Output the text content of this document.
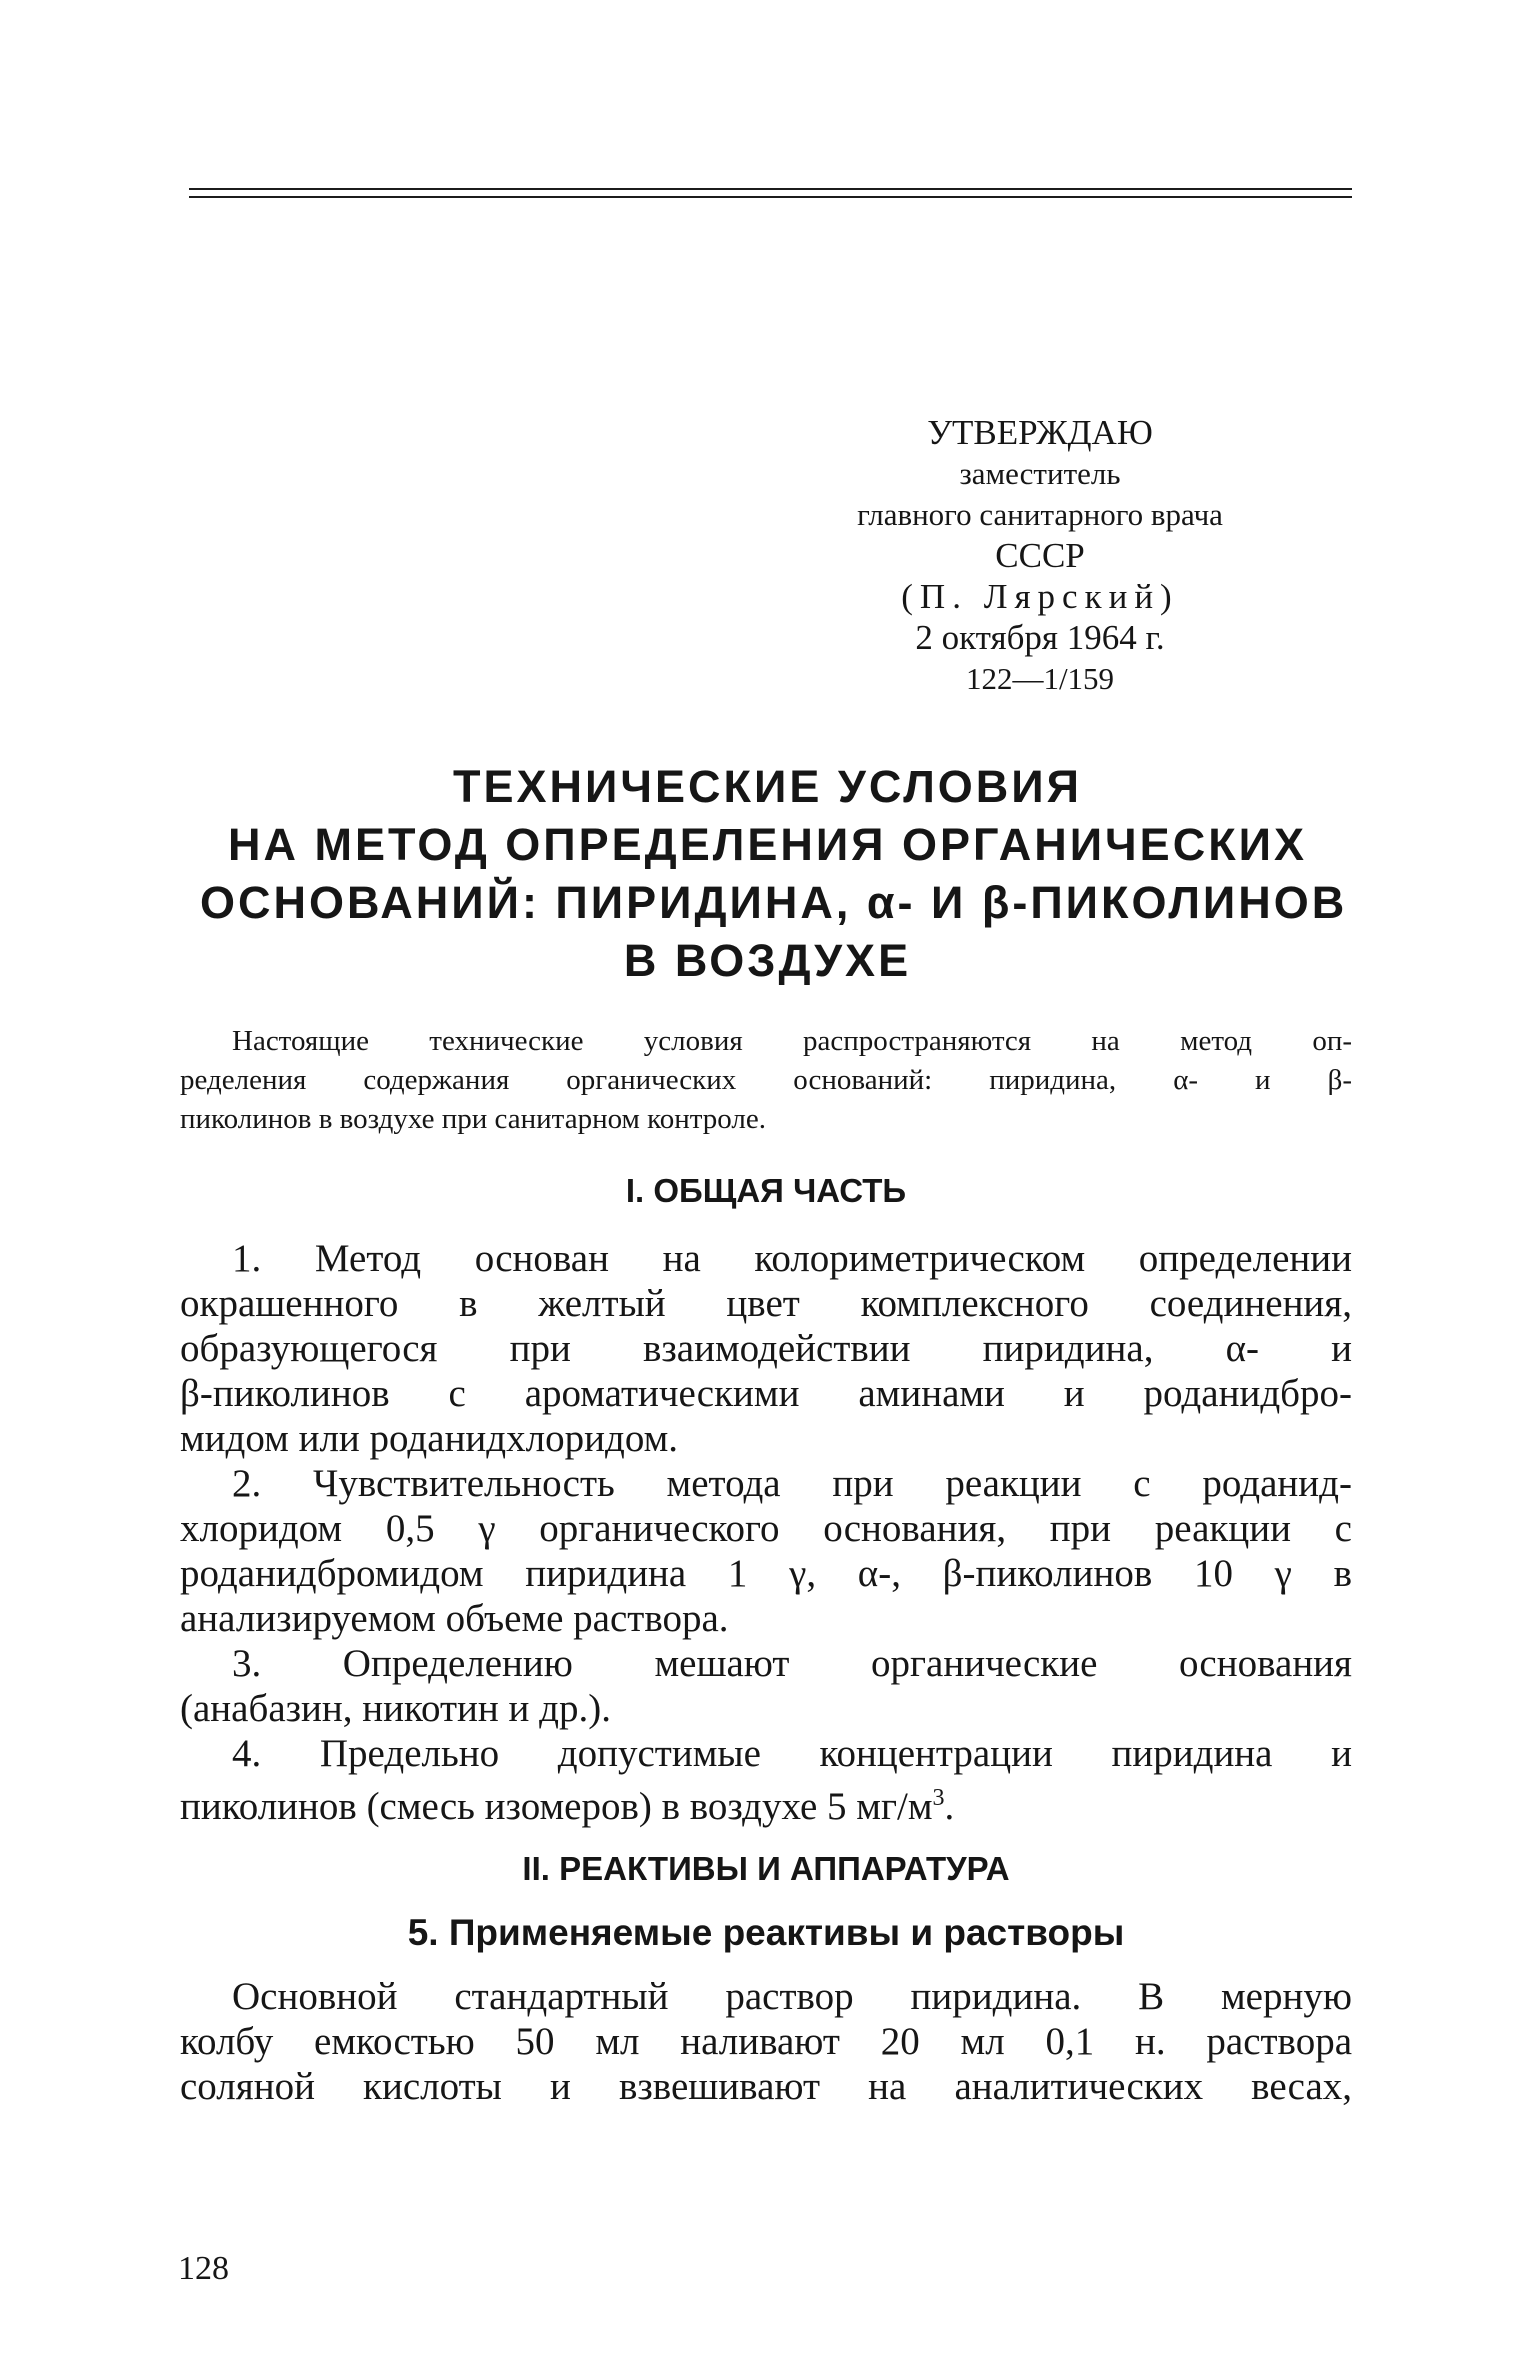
УТВЕРЖДАЮ
заместитель
главного санитарного врача
СССР
(П. Лярский)
2 октября 1964 г.
122—1/159
ТЕХНИЧЕСКИЕ УСЛОВИЯ
НА МЕТОД ОПРЕДЕЛЕНИЯ ОРГАНИЧЕСКИХ
ОСНОВАНИЙ: ПИРИДИНА, α- И β-ПИКОЛИНОВ
В ВОЗДУХЕ
Настоящие технические условия распространяются на метод оп-
ределения содержания органических оснований: пиридина, α- и β-
пиколинов в воздухе при санитарном контроле.
I. ОБЩАЯ ЧАСТЬ
1. Метод основан на колориметрическом определении
окрашенного в желтый цвет комплексного соединения,
образующегося при взаимодействии пиридина, α- и
β-пиколинов с ароматическими аминами и роданидбро-
мидом или роданидхлоридом.
2. Чувствительность метода при реакции с роданид-
хлоридом 0,5 γ органического основания, при реакции с
роданидбромидом пиридина 1 γ, α-, β-пиколинов 10 γ в
анализируемом объеме раствора.
3. Определению мешают органические основания
(анабазин, никотин и др.).
4. Предельно допустимые концентрации пиридина и
пиколинов (смесь изомеров) в воздухе 5 $мг/м^3$.
II. РЕАКТИВЫ И АППАРАТУРА
5. Применяемые реактивы и растворы
Основной стандартный раствор пиридина. В мерную
колбу емкостью 50 мл наливают 20 мл 0,1 н. раствора
соляной кислоты и взвешивают на аналитических весах,
128
